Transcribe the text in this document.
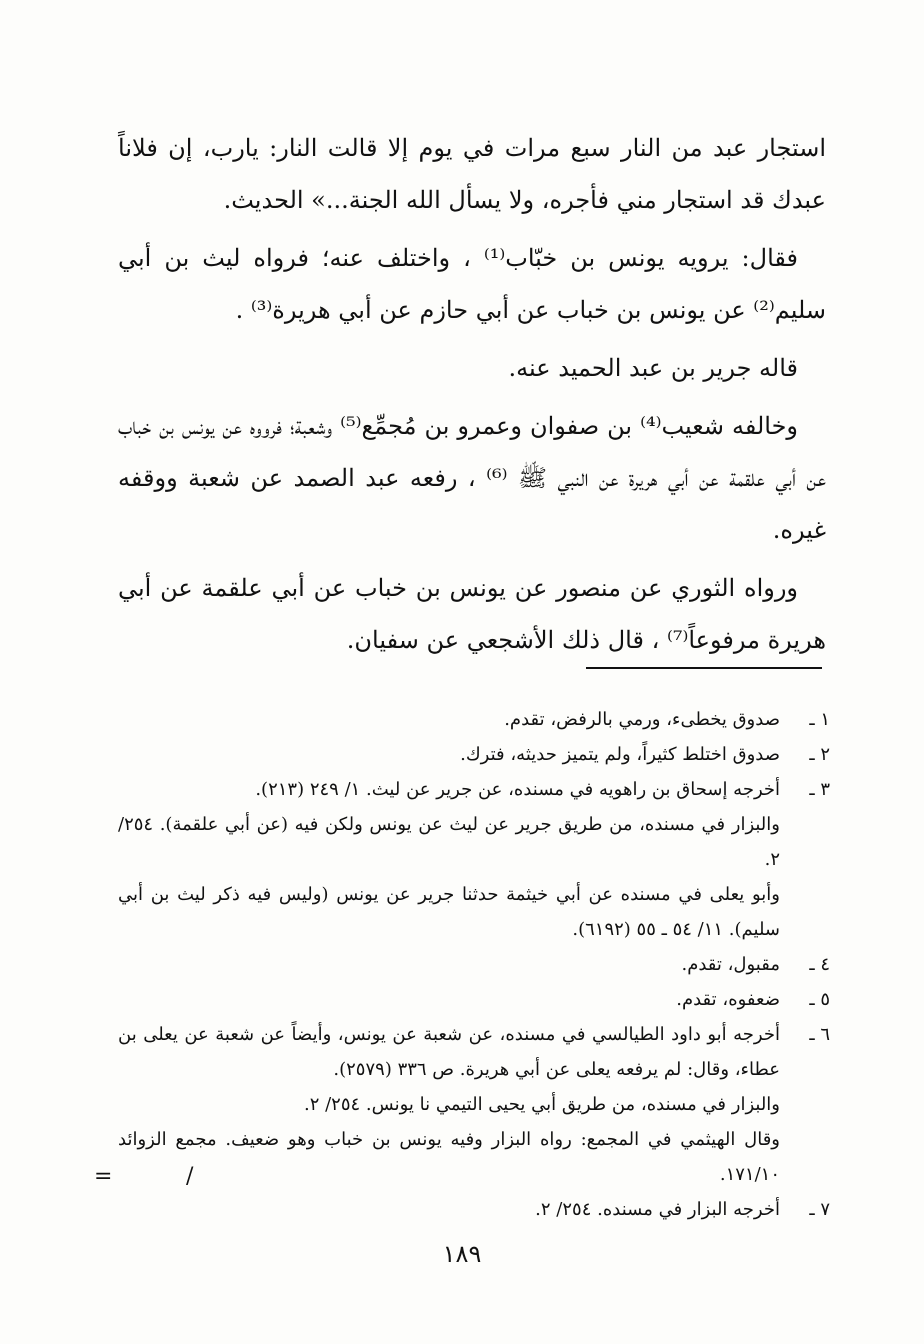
استجار عبد من النار سبع مرات في يوم إلا قالت النار: يارب، إن فلاناً عبدك قد استجار مني فأجره، ولا يسأل الله الجنة...» الحديث.

فقال: يرويه يونس بن خبّاب⁽¹⁾ ، واختلف عنه؛ فرواه ليث بن أبي سليم⁽²⁾ عن يونس بن خباب عن أبي حازم عن أبي هريرة⁽³⁾ .

قاله جرير بن عبد الحميد عنه.

وخالفه شعيب⁽⁴⁾ بن صفوان وعمرو بن مُجمِّع⁽⁵⁾ وشعبة؛ فرووه عن يونس بن خباب عن أبي علقمة عن أبي هريرة عن النبي ﷺ ⁽⁶⁾ ، رفعه عبد الصمد عن شعبة ووقفه غيره.

ورواه الثوري عن منصور عن يونس بن خباب عن أبي علقمة عن أبي هريرة مرفوعاً⁽⁷⁾ ، قال ذلك الأشجعي عن سفيان.

١ ـ
صدوق يخطىء، ورمي بالرفض، تقدم.
٢ ـ
صدوق اختلط كثيراً، ولم يتميز حديثه، فترك.
٣ ـ
أخرجه إسحاق بن راهويه في مسنده، عن جرير عن ليث. ١/ ٢٤٩ (٢١٣).
والبزار في مسنده، من طريق جرير عن ليث عن يونس ولكن فيه (عن أبي علقمة). ٢٥٤/ ٢.
وأبو يعلى في مسنده عن أبي خيثمة حدثنا جرير عن يونس (وليس فيه ذكر ليث بن أبي سليم). ١١/ ٥٤ ـ ٥٥ (٦١٩٢).
٤ ـ
مقبول، تقدم.
٥ ـ
ضعفوه، تقدم.
٦ ـ
أخرجه أبو داود الطيالسي في مسنده، عن شعبة عن يونس، وأيضاً عن شعبة عن يعلى بن عطاء، وقال: لم يرفعه يعلى عن أبي هريرة. ص ٣٣٦ (٢٥٧٩).
والبزار في مسنده، من طريق أبي يحيى التيمي نا يونس. ٢٥٤/ ٢.
وقال الهيثمي في المجمع: رواه البزار وفيه يونس بن خباب وهو ضعيف. مجمع الزوائد ١٧١/١٠.
٧ ـ
أخرجه البزار في مسنده. ٢٥٤/ ٢.
=	/
١٨٩
